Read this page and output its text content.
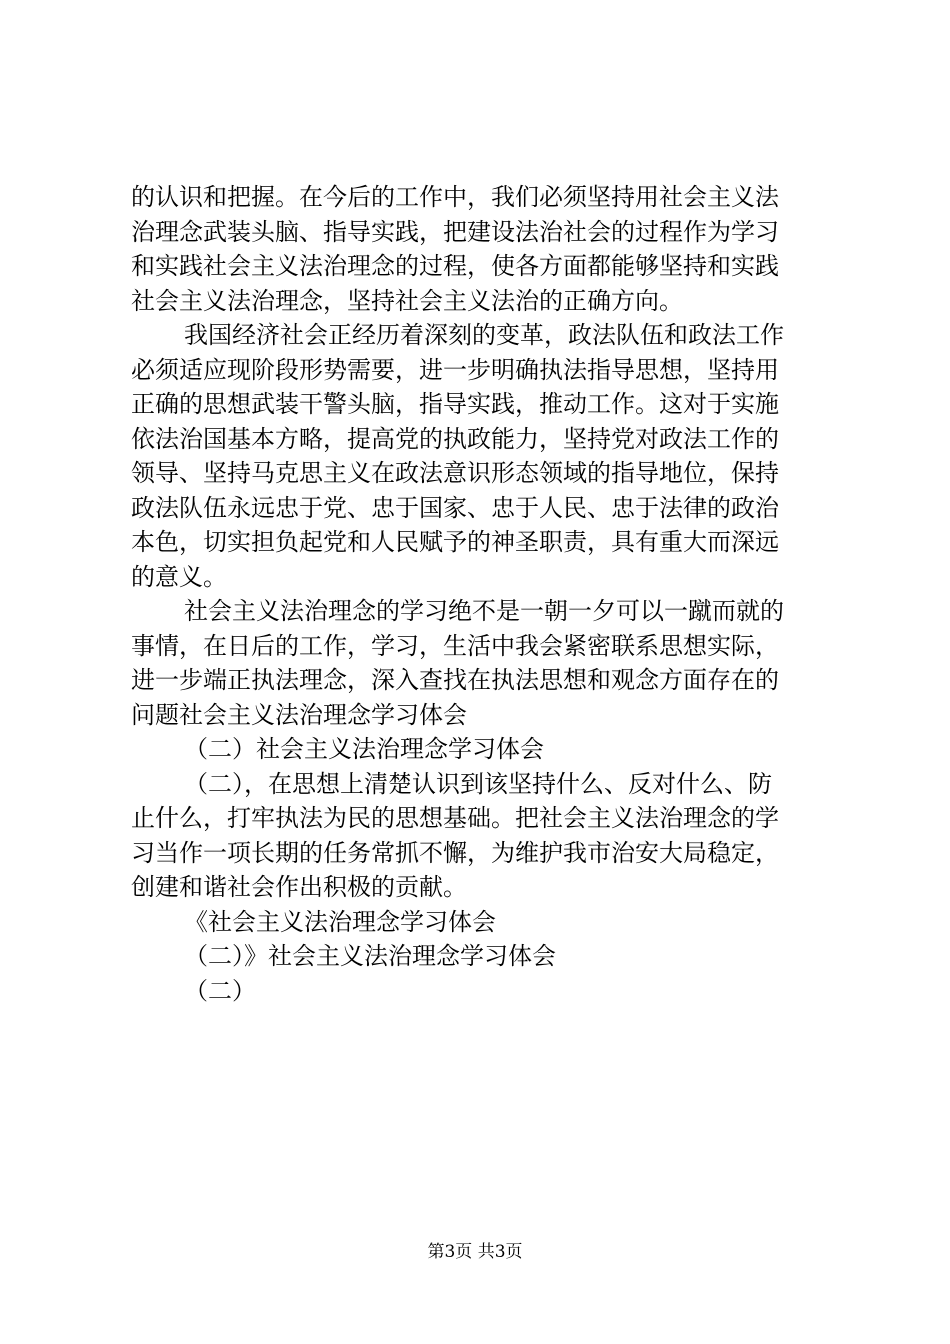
的认识和把握。在今后的工作中，我们必须坚持用社会主义法
治理念武装头脑、指导实践，把建设法治社会的过程作为学习
和实践社会主义法治理念的过程，使各方面都能够坚持和实践
社会主义法治理念，坚持社会主义法治的正确方向。
我国经济社会正经历着深刻的变革，政法队伍和政法工作
必须适应现阶段形势需要，进一步明确执法指导思想，坚持用
正确的思想武装干警头脑，指导实践，推动工作。这对于实施
依法治国基本方略，提高党的执政能力，坚持党对政法工作的
领导、坚持马克思主义在政法意识形态领域的指导地位，保持
政法队伍永远忠于党、忠于国家、忠于人民、忠于法律的政治
本色，切实担负起党和人民赋予的神圣职责，具有重大而深远
的意义。
社会主义法治理念的学习绝不是一朝一夕可以一蹴而就的
事情，在日后的工作，学习，生活中我会紧密联系思想实际，
进一步端正执法理念，深入查找在执法思想和观念方面存在的
问题社会主义法治理念学习体会
（二）社会主义法治理念学习体会
（二），在思想上清楚认识到该坚持什么、反对什么、防
止什么，打牢执法为民的思想基础。把社会主义法治理念的学
习当作一项长期的任务常抓不懈，为维护我市治安大局稳定，
创建和谐社会作出积极的贡献。
《社会主义法治理念学习体会
（二）》社会主义法治理念学习体会
（二）
第3页 共3页
